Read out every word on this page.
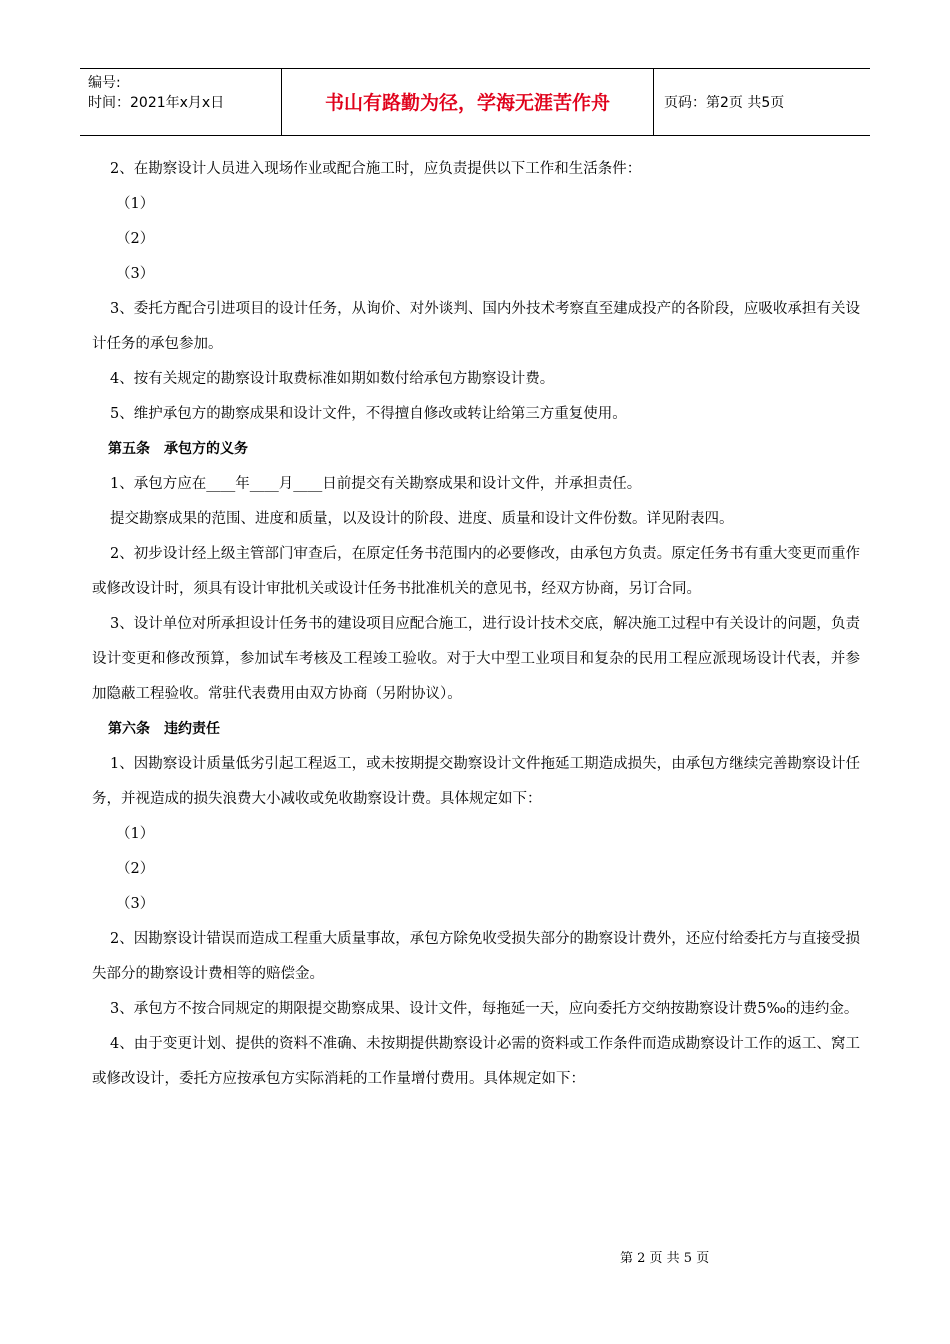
编号:
时间：2021年x月x日	书山有路勤为径，学海无涯苦作舟	页码：第2页 共5页

2、在勘察设计人员进入现场作业或配合施工时，应负责提供以下工作和生活条件：

（1）

（2）

（3）

3、委托方配合引进项目的设计任务，从询价、对外谈判、国内外技术考察直至建成投产的各阶段，应吸收承担有关设计任务的承包参加。

4、按有关规定的勘察设计取费标准如期如数付给承包方勘察设计费。

5、维护承包方的勘察成果和设计文件，不得擅自修改或转让给第三方重复使用。

第五条　承包方的义务

1、承包方应在____年____月____日前提交有关勘察成果和设计文件，并承担责任。

提交勘察成果的范围、进度和质量，以及设计的阶段、进度、质量和设计文件份数。详见附表四。

2、初步设计经上级主管部门审查后，在原定任务书范围内的必要修改，由承包方负责。原定任务书有重大变更而重作或修改设计时，须具有设计审批机关或设计任务书批准机关的意见书，经双方协商，另订合同。

3、设计单位对所承担设计任务书的建设项目应配合施工，进行设计技术交底，解决施工过程中有关设计的问题，负责设计变更和修改预算，参加试车考核及工程竣工验收。对于大中型工业项目和复杂的民用工程应派现场设计代表，并参加隐蔽工程验收。常驻代表费用由双方协商（另附协议）。

第六条　违约责任

1、因勘察设计质量低劣引起工程返工，或未按期提交勘察设计文件拖延工期造成损失，由承包方继续完善勘察设计任务，并视造成的损失浪费大小减收或免收勘察设计费。具体规定如下：

（1）

（2）

（3）

2、因勘察设计错误而造成工程重大质量事故，承包方除免收受损失部分的勘察设计费外，还应付给委托方与直接受损失部分的勘察设计费相等的赔偿金。

3、承包方不按合同规定的期限提交勘察成果、设计文件，每拖延一天，应向委托方交纳按勘察设计费5‰的违约金。

4、由于变更计划、提供的资料不准确、未按期提供勘察设计必需的资料或工作条件而造成勘察设计工作的返工、窝工或修改设计，委托方应按承包方实际消耗的工作量增付费用。具体规定如下：

第 2 页 共 5 页
